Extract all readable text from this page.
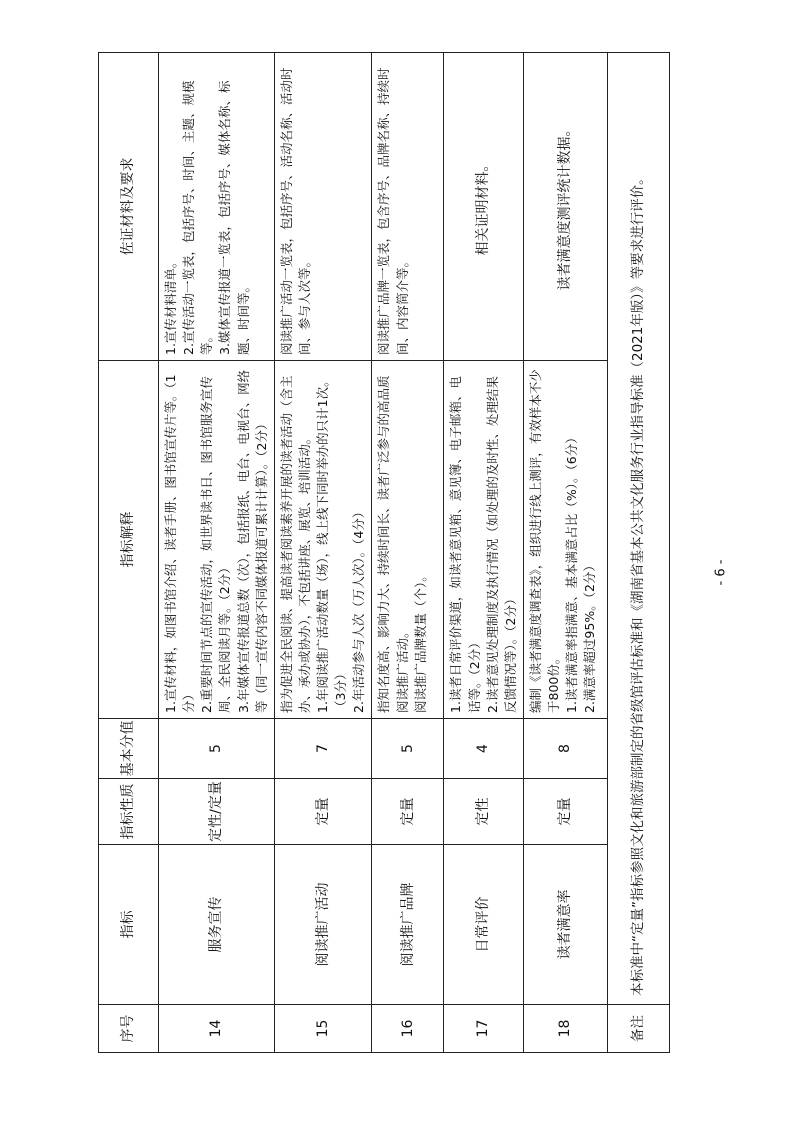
序号	指标	指标性质	基本分值	指标解释	佐证材料及要求
14	服务宣传	定性/定量	5	1.宣传材料，如图书馆介绍、读者手册、图书馆宣传片等。（1分） 2.重要时间节点的宣传活动，如世界读书日、图书馆服务宣传周、全民阅读月等。（2分） 3.年媒体宣传报道总数（次），包括报纸、电台、电视台、网络等（同一宣传内容不同媒体报道可累计计算）。（2分）	1.宣传材料清单。 2.宣传活动一览表，包括序号、时间、主题、规模等。 3.媒体宣传报道一览表，包括序号、媒体名称、标题、时间等。

15	阅读推广活动	定量	7	指为促进全民阅读、提高读者阅读素养开展的读者活动（含主办、承办或协办），不包括讲座、展览、培训活动。 1.年阅读推广活动数量（场），线上线下同时举办的只计1次。（3分） 2.年活动参与人次（万人次）。（4分）	阅读推广活动一览表，包括序号、活动名称、活动时间、参与人次等。

16	阅读推广品牌	定量	5	指知名度高、影响力大、持续时间长、读者广泛参与的高品质阅读推广活动。 阅读推广品牌数量（个）。	阅读推广品牌一览表，包含序号、品牌名称、持续时间、内容简介等。

17	日常评价	定性	4	1.读者日常评价渠道，如读者意见箱、意见簿、电子邮箱、电话等。（2分） 2.读者意见处理制度及执行情况（如处理的及时性、处理结果反馈情况等）。（2分）	相关证明材料。

18	读者满意率	定量	8	编制《读者满意度调查表》，组织进行线上测评，有效样本不少于800份。 1.读者满意率指满意、基本满意占比（%）。（6分） 2.满意率超过95%。（2分）	读者满意度测评统计数据。

备注	本标准中“定量”指标参照文化和旅游部制定的省级馆评估标准和《湖南省基本公共文化服务行业指导标准（2021年版）》等要求进行评价。					- 6 -
